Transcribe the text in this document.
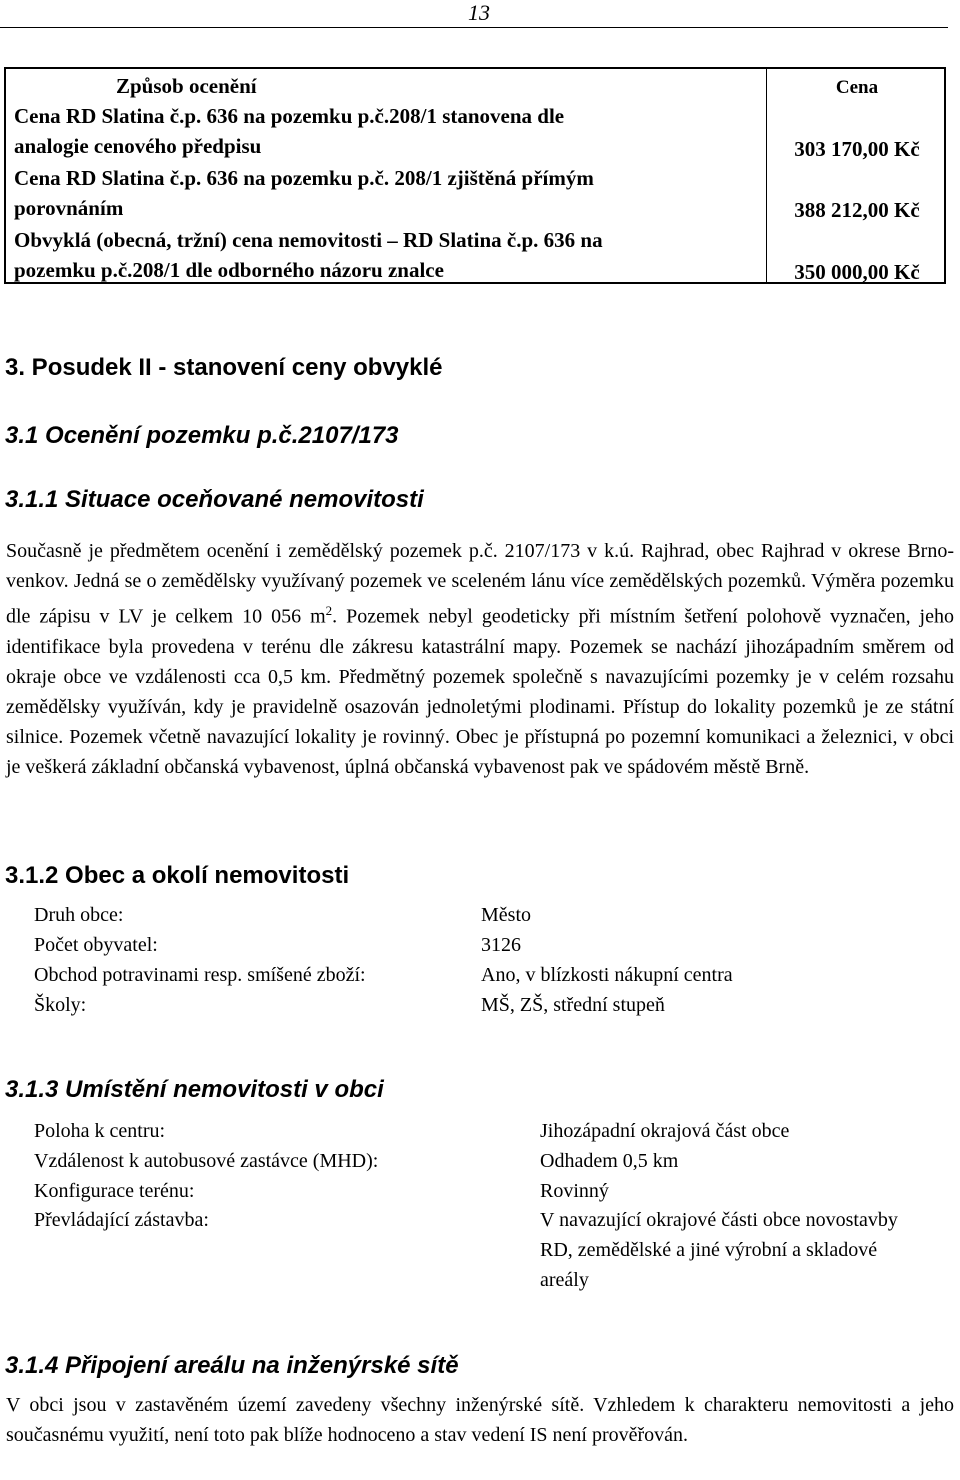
13
Způsob ocenění	Cena
Cena RD Slatina č.p. 636 na pozemku p.č.208/1 stanovena dle
analogie cenového předpisu	303 170,00 Kč
Cena RD Slatina č.p. 636 na pozemku p.č. 208/1 zjištěná přímým
porovnáním	388 212,00 Kč
Obvyklá (obecná, tržní) cena nemovitosti – RD Slatina č.p. 636 na
pozemku p.č.208/1 dle odborného názoru znalce	350 000,00 Kč
3. Posudek II - stanovení ceny obvyklé
3.1 Ocenění pozemku p.č.2107/173
3.1.1 Situace oceňované nemovitosti

Současně je předmětem ocenění i zemědělský pozemek p.č. 2107/173 v k.ú. Rajhrad, obec Rajhrad v okrese Brno-venkov. Jedná se o zemědělsky využívaný pozemek ve sceleném lánu více zemědělských pozemků. Výměra pozemku dle zápisu v LV je celkem 10 056 $m^2$. Pozemek nebyl geodeticky při místním šetření polohově vyznačen, jeho identifikace byla provedena v terénu dle zákresu katastrální mapy. Pozemek se nachází jihozápadním směrem od okraje obce ve vzdálenosti cca 0,5 km. Předmětný pozemek společně s navazujícími pozemky je v celém rozsahu zemědělsky využíván, kdy je pravidelně osazován jednoletými plodinami. Přístup do lokality pozemků je ze státní silnice. Pozemek včetně navazující lokality je rovinný. Obec je přístupná po pozemní komunikaci a železnici, v obci je veškerá základní občanská vybavenost, úplná občanská vybavenost pak ve spádovém městě Brně.

3.1.2 Obec a okolí nemovitosti
Druh obce:	Město
Počet obyvatel:	3126
Obchod potravinami resp. smíšené zboží:	Ano, v blízkosti nákupní centra
Školy:	MŠ, ZŠ, střední stupeň
3.1.3 Umístění nemovitosti v obci
Poloha k centru:	Jihozápadní okrajová část obce
Vzdálenost k autobusové zastávce (MHD):	Odhadem 0,5 km
Konfigurace terénu:	Rovinný
Převládající zástavba:	V navazující okrajové části obce novostavby RD, zemědělské a jiné výrobní a skladové areály
3.1.4 Připojení areálu na inženýrské sítě

V obci jsou v zastavěném území zavedeny všechny inženýrské sítě. Vzhledem k charakteru nemovitosti a jeho současnému využití, není toto pak blíže hodnoceno a stav vedení IS není prověřován.
